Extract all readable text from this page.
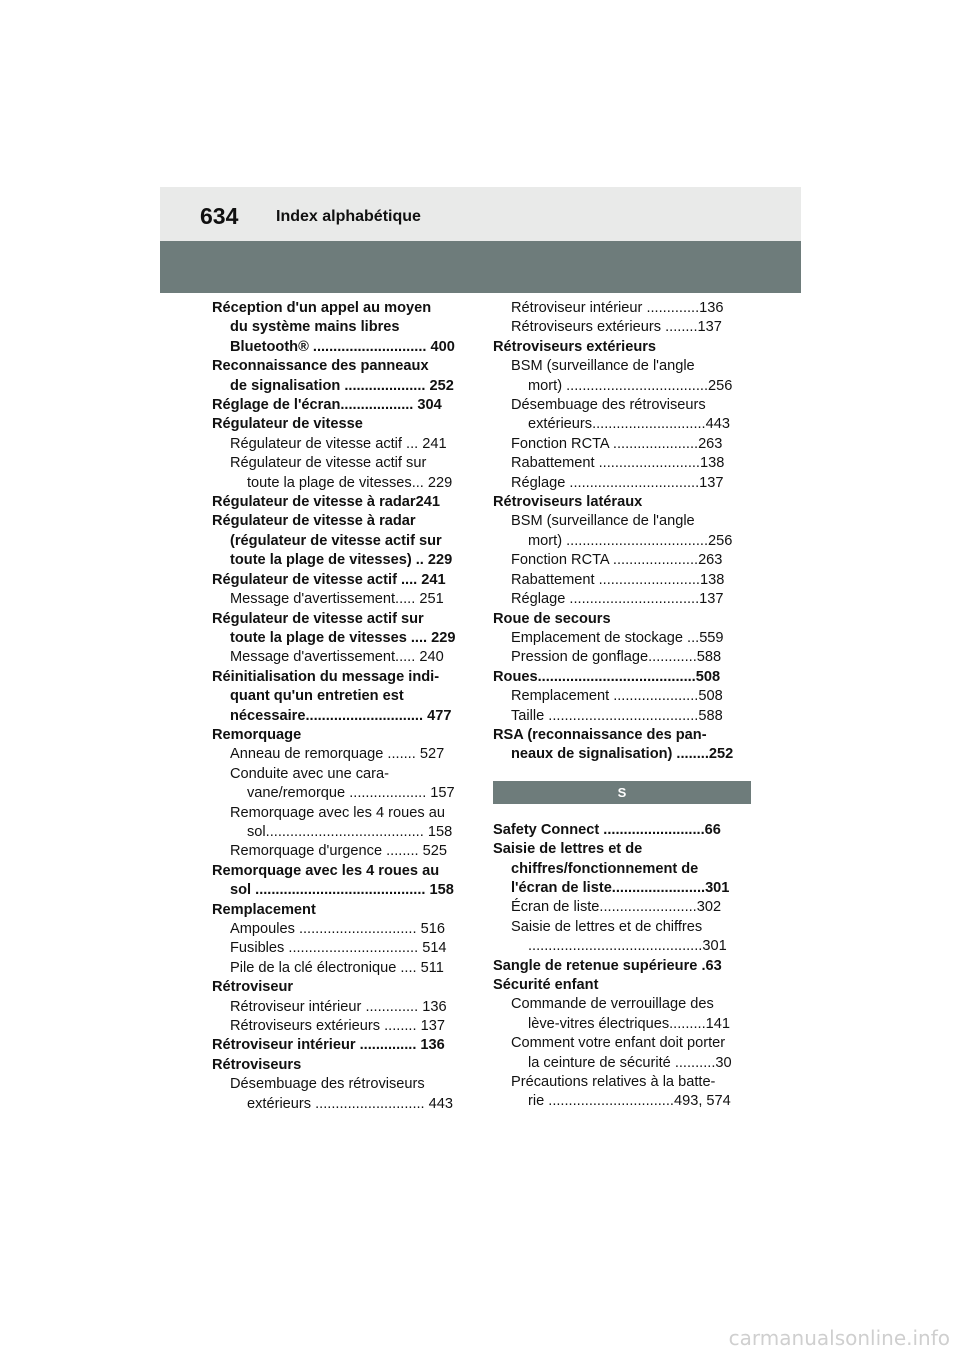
634 Index alphabétique
Réception d'un appel au moyen
du système mains libres
Bluetooth® ............................ 400
Reconnaissance des panneaux
de signalisation .................... 252
Réglage de l'écran.................. 304
Régulateur de vitesse
Régulateur de vitesse actif ... 241
Régulateur de vitesse actif sur
toute la plage de vitesses... 229
Régulateur de vitesse à radar241
Régulateur de vitesse à radar
(régulateur de vitesse actif sur
toute la plage de vitesses) .. 229
Régulateur de vitesse actif .... 241
Message d'avertissement..... 251
Régulateur de vitesse actif sur
toute la plage de vitesses .... 229
Message d'avertissement..... 240
Réinitialisation du message indi-
quant qu'un entretien est
nécessaire............................. 477
Remorquage
Anneau de remorquage ....... 527
Conduite avec une cara-
vane/remorque ................... 157
Remorquage avec les 4 roues au
sol....................................... 158
Remorquage d'urgence ........ 525
Remorquage avec les 4 roues au
sol .......................................... 158
Remplacement
Ampoules ............................. 516
Fusibles ................................ 514
Pile de la clé électronique .... 511
Rétroviseur
Rétroviseur intérieur ............. 136
Rétroviseurs extérieurs ........ 137
Rétroviseur intérieur .............. 136
Rétroviseurs
Désembuage des rétroviseurs
extérieurs ........................... 443
Rétroviseur intérieur .............136
Rétroviseurs extérieurs ........137
Rétroviseurs extérieurs
BSM (surveillance de l'angle
mort) ...................................256
Désembuage des rétroviseurs
extérieurs............................443
Fonction RCTA .....................263
Rabattement .........................138
Réglage ................................137
Rétroviseurs latéraux
BSM (surveillance de l'angle
mort) ...................................256
Fonction RCTA .....................263
Rabattement .........................138
Réglage ................................137
Roue de secours
Emplacement de stockage ...559
Pression de gonflage............588
Roues.......................................508
Remplacement .....................508
Taille .....................................588
RSA (reconnaissance des pan-
neaux de signalisation) ........252
S
Safety Connect .........................66
Saisie de lettres et de
chiffres/fonctionnement de
l'écran de liste.......................301
Écran de liste........................302
Saisie de lettres et de chiffres
...........................................301
Sangle de retenue supérieure .63
Sécurité enfant
Commande de verrouillage des
lève-vitres électriques.........141
Comment votre enfant doit porter
la ceinture de sécurité ..........30
Précautions relatives à la batte-
rie ...............................493, 574
carmanualsonline.info
